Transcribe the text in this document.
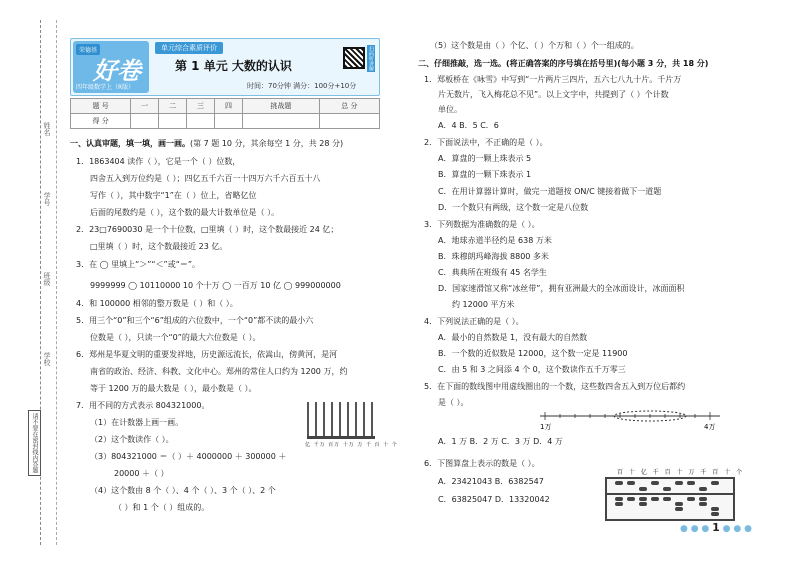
姓名
学号
班级
学校
请不要在密封线内答题
荣德基
好卷
四年级数学上（R版）
单元综合素质评价
第 1 单元 大数的认识	扫码听讲解
时间：70分钟 满分：100分+10分
题 号	一	二	三	四	挑战题	总 分
得 分						
一、认真审题，填一填，画一画。(第 7 题 10 分，其余每空 1 分，共 28 分)
1．1863404 读作（ ），它是一个（ ）位数，
四舍五入到万位约是（ ）；四亿五千六百一十四万六千六百五十八
写作（ ），其中数字“1”在（ ）位上，省略亿位
后面的尾数约是（ ），这个数的最大计数单位是（ ）。
2．23□7690030 是一个十位数，□里填（ ）时，这个数最接近 24 亿；
□里填（ ）时，这个数最接近 23 亿。
3．在 ◯ 里填上“＞”“＜”或“＝”。
9999999 ◯ 10110000 10 个十万 ◯ 一百万 10 亿 ◯ 999000000
4．和 100000 相邻的整万数是（ ）和（ ）。
5．用三个“0”和三个“6”组成的六位数中，一个“0”都不读的最小六
位数是（ ），只读一个“0”的最大六位数是（ ）。
6．郑州是华夏文明的重要发祥地，历史源远流长，依嵩山，傍黄河，是河
南省的政治、经济、科教、文化中心。郑州的常住人口约为 1200 万，约
等于 1200 万的最大数是（ ），最小数是（ ）。
7．用不同的方式表示 804321000。
（1）在计数器上画一画。
（2）这个数读作（ ）。
（3）804321000 ＝（ ）＋ 4000000 ＋ 300000 ＋
20000 ＋（ ）
（4）这个数由 8 个（ ）、4 个（ ）、3 个（ ）、2 个
（ ）和 1 个（ ）组成的。
亿 千万 百万 十万 万 千 百 十 个
（5）这个数是由（ ）个亿、（ ）个万和（ ）个一组成的。
二、仔细推敲，选一选。(将正确答案的序号填在括号里)(每小题 3 分，共 18 分)
1．郑板桥在《咏雪》中写到“一片两片三四片，五六七八九十片。千片万
片无数片，飞入梅花总不见”。以上文字中，共提到了（ ）个计数
单位。
A．4 B．5 C．6
2．下面说法中，不正确的是（ ）。
A．算盘的一颗上珠表示 5
B．算盘的一颗下珠表示 1
C．在用计算器计算时，做完一道题按 ON/C 键接着做下一道题
D．一个数只有两级，这个数一定是八位数
3．下列数据为准确数的是（ ）。
A．地球赤道半径约是 638 万米
B．珠穆朗玛峰海拔 8800 多米
C．典典所在班级有 45 名学生
D．国家速滑馆又称“冰丝带”，拥有亚洲最大的全冰面设计，冰面面积
约 12000 平方米
4．下列说法正确的是（ ）。
A．最小的自然数是 1，没有最大的自然数
B．一个数的近似数是 12000，这个数一定是 11900
C．由 5 和 3 之间添 4 个 0，这个数读作五千万零三
5．在下面的数线图中用虚线圈出的一个数，这些数四舍五入到万位后都约
是（ ）。
1万	4万
A．1 万 B．2 万 C．3 万 D．4 万
6．下图算盘上表示的数是（ ）。
A．23421043 B．6382547
C．63825047 D．13320042
百 十 亿 千 百 十 万 千 百 十 个
● ● ● 1 ● ● ●
